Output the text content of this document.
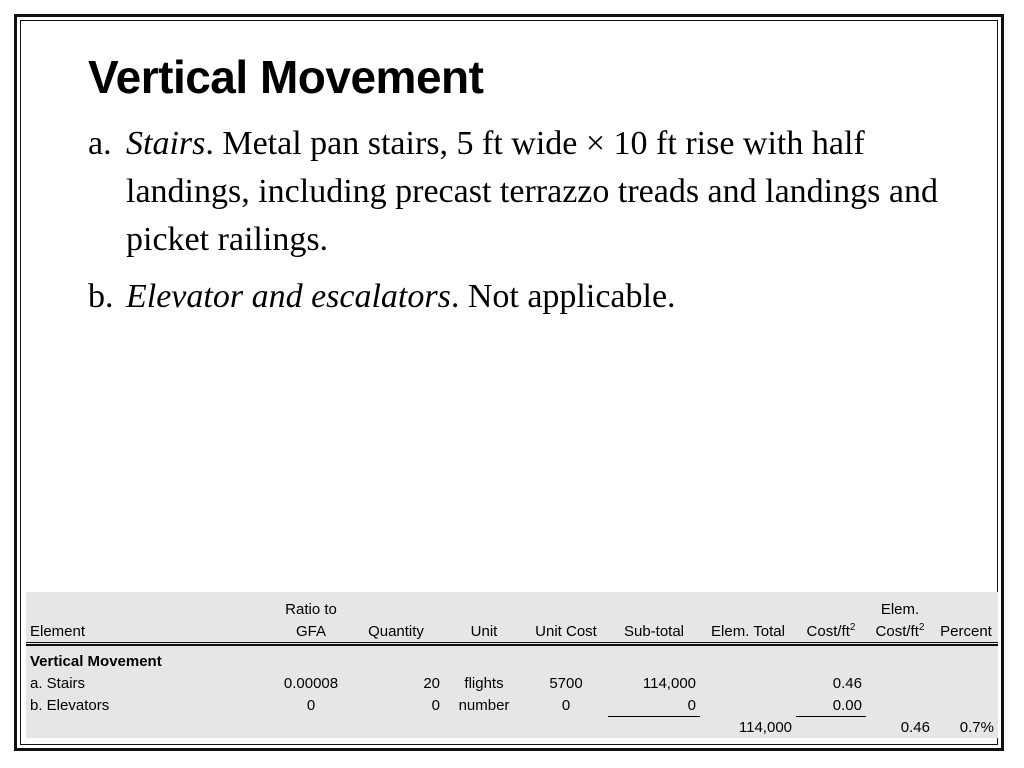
Vertical Movement

a. Stairs. Metal pan stairs, 5 ft wide × 10 ft rise with half landings, including precast terrazzo treads and landings and picket railings.

b. Elevator and escalators. Not applicable.

	Ratio to							Elem.	
Element	GFA	Quantity	Unit	Unit Cost	Sub-total	Elem. Total	Cost/$ft^2$	Cost/$ft^2$	Percent

Vertical Movement									
a. Stairs	0.00008	20	flights	5700	114,000		0.46		
b. Elevators	0	0	number	0	0		0.00		
						114,000		0.46	0.7%
